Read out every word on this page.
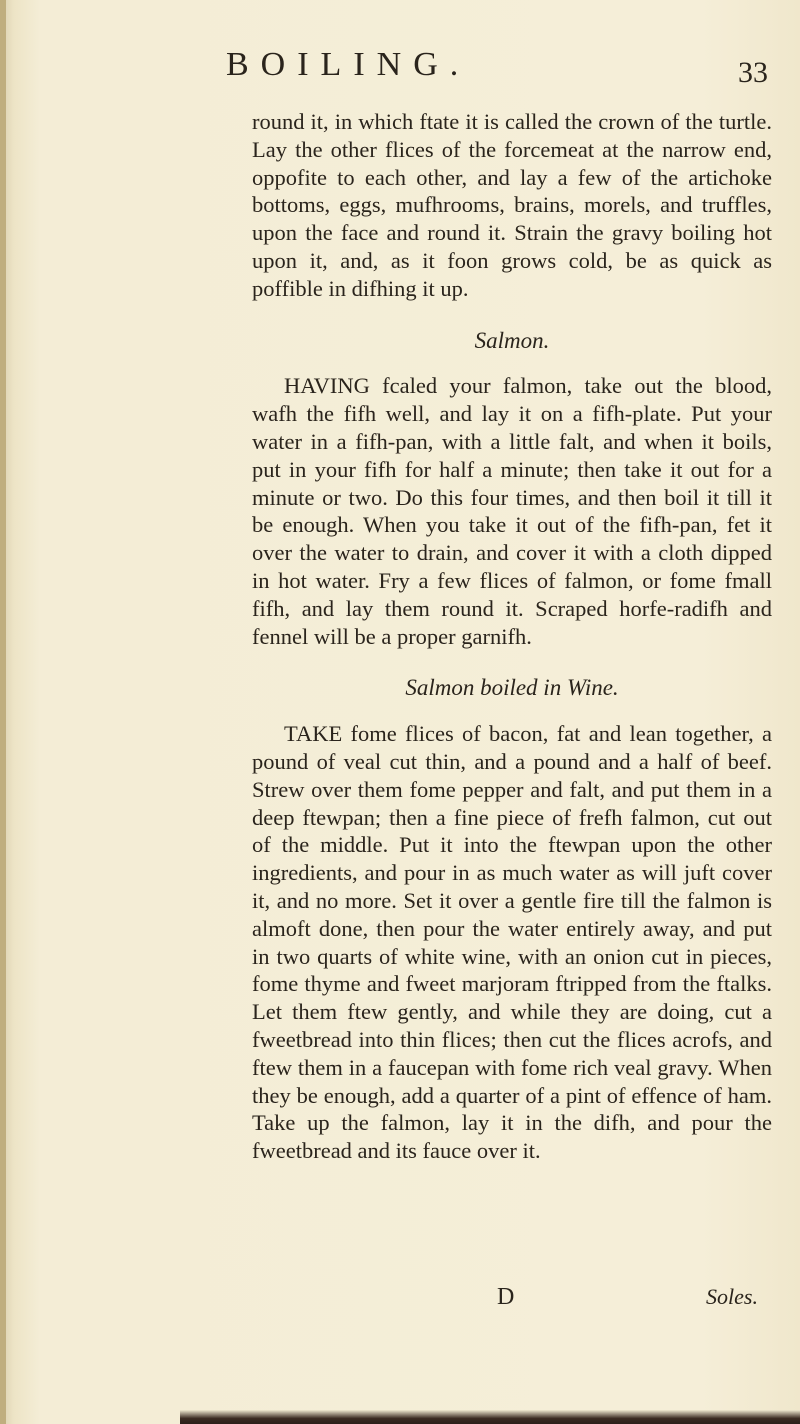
BOILING.	33

round it, in which ftate it is called the crown of the turtle. Lay the other flices of the forcemeat at the narrow end, oppofite to each other, and lay a few of the artichoke bottoms, eggs, mufhrooms, brains, morels, and truffles, upon the face and round it. Strain the gravy boiling hot upon it, and, as it foon grows cold, be as quick as poffible in difhing it up.

Salmon.

HAVING fcaled your falmon, take out the blood, wafh the fifh well, and lay it on a fifh-plate. Put your water in a fifh-pan, with a little falt, and when it boils, put in your fifh for half a minute; then take it out for a minute or two. Do this four times, and then boil it till it be enough. When you take it out of the fifh-pan, fet it over the water to drain, and cover it with a cloth dipped in hot water. Fry a few flices of falmon, or fome fmall fifh, and lay them round it. Scraped horfe-radifh and fennel will be a proper garnifh.

Salmon boiled in Wine.

TAKE fome flices of bacon, fat and lean together, a pound of veal cut thin, and a pound and a half of beef. Strew over them fome pepper and falt, and put them in a deep ftewpan; then a fine piece of frefh falmon, cut out of the middle. Put it into the ftewpan upon the other ingredients, and pour in as much water as will juft cover it, and no more. Set it over a gentle fire till the falmon is almoft done, then pour the water entirely away, and put in two quarts of white wine, with an onion cut in pieces, fome thyme and fweet marjoram ftripped from the ftalks. Let them ftew gently, and while they are doing, cut a fweetbread into thin flices; then cut the flices acrofs, and ftew them in a faucepan with fome rich veal gravy. When they be enough, add a quarter of a pint of effence of ham. Take up the falmon, lay it in the difh, and pour the fweetbread and its fauce over it.

D	Soles.
